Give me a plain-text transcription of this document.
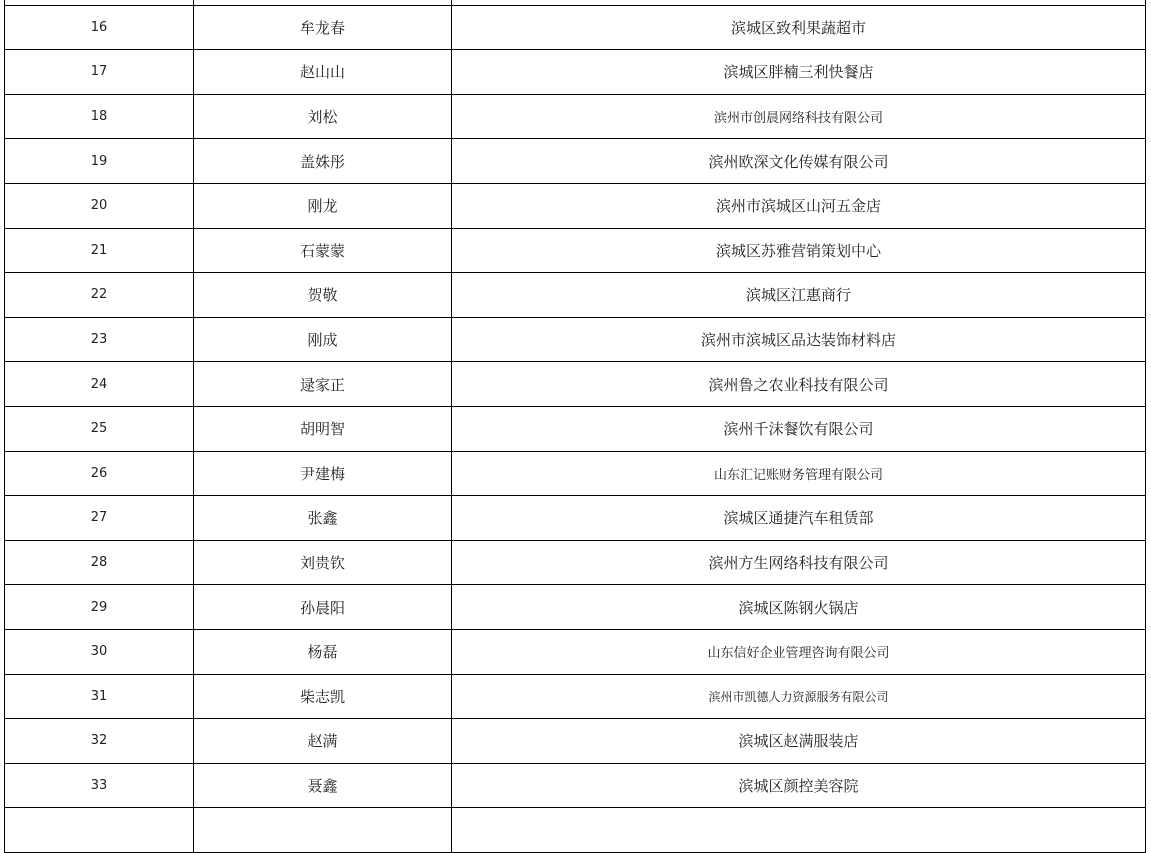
16	牟龙春	滨城区致利果蔬超市
17	赵山山	滨城区胖楠三利快餐店
18	刘松	滨州市创晨网络科技有限公司
19	盖姝彤	滨州欧深文化传媒有限公司
20	刚龙	滨州市滨城区山河五金店
21	石蒙蒙	滨城区苏雅营销策划中心
22	贺敬	滨城区江惠商行
23	刚成	滨州市滨城区品达装饰材料店
24	逯家正	滨州鲁之农业科技有限公司
25	胡明智	滨州千沫餐饮有限公司
26	尹建梅	山东汇记账财务管理有限公司
27	张鑫	滨城区通捷汽车租赁部
28	刘贵钦	滨州方生网络科技有限公司
29	孙晨阳	滨城区陈钢火锅店
30	杨磊	山东信好企业管理咨询有限公司
31	柴志凯	滨州市凯德人力资源服务有限公司
32	赵满	滨城区赵满服装店
33	聂鑫	滨城区颜控美容院
